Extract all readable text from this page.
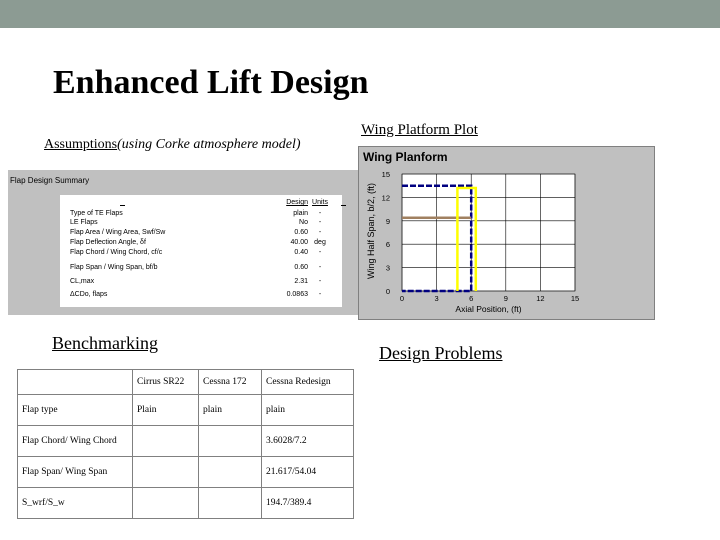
Enhanced Lift Design
Assumptions(using Corke atmosphere model)
Wing Platform Plot
Flap Design Summary
Design Units
Type of TE Flaps	plain	-
LE Flaps	No	-
Flap Area / Wing Area, Swf/Sw	0.60	-
Flap Deflection Angle, δf	40.00 deg
Flap Chord / Wing Chord, cf/c	0.40	-
Flap Span / Wing Span, bf/b	0.60	-
CL,max	2.31	-
ΔCDo, flaps	0.0863	-	0	3	6	9	12	15
0
3
6
9
12
15
Axial Position, (ft)
Wing Planform
Wing Half Span, b/2, (ft)
Benchmarking	Design Problems
	Cirrus SR22	Cessna 172	Cessna Redesign
Flap type	Plain	plain	plain
Flap Chord/ Wing Chord			3.6028/7.2
Flap Span/ Wing Span			21.617/54.04
S_wrf/S_w			194.7/389.4
